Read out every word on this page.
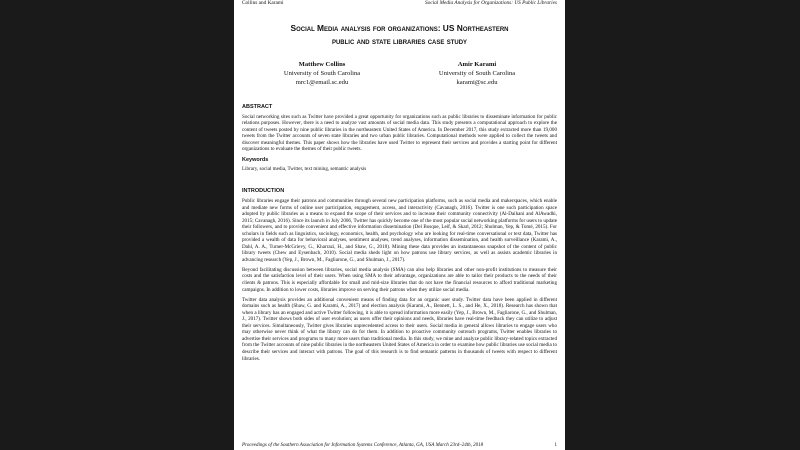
Collins and Karami	Social Media Analysis for Organizations: US Public Libraries
Social Media analysis for organizations: US Northeastern
public and state libraries case study
Matthew Collins
University of South Carolina
mrc1@email.sc.edu
Amir Karami
University of South Carolina
karami@sc.edu
ABSTRACT

Social networking sites such as Twitter have provided a great opportunity for organizations such as public libraries to disseminate information for public relations purposes. However, there is a need to analyze vast amounts of social media data. This study presents a computational approach to explore the content of tweets posted by nine public libraries in the northeastern United States of America. In December 2017, this study extracted more than 19,000 tweets from the Twitter accounts of seven state libraries and two urban public libraries. Computational methods were applied to collect the tweets and discover meaningful themes. This paper shows how the libraries have used Twitter to represent their services and provides a starting point for different organizations to evaluate the themes of their public tweets.

Keywords

Library, social media, Twitter, text mining, semantic analysis

INTRODUCTION

Public libraries engage their patrons and communities through several new participation platforms, such as social media and makerspaces, which enable and mediate new forms of online user participation, engagement, access, and interactivity (Cavanagh, 2016). Twitter is one such participation space adopted by public libraries as a means to expand the scope of their services and to increase their community connectivity (Al-Daihani and AlAwadhi, 2015; Cavanagh, 2016). Since its launch in July 2006, Twitter has quickly become one of the most popular social networking platforms for users to update their followers, and to provide convenient and effective information dissemination (Del Bosque, Leif, & Skarl, 2012; Shulman, Yep, & Tomé, 2015). For scholars in fields such as linguistics, sociology, economics, health, and psychology who are looking for real-time conversational or text data, Twitter has provided a wealth of data for behavioral analyses, sentiment analyses, trend analyses, information dissemination, and health surveillance (Karami, A., Dahl, A. A., Turner-McGrievy, G., Kharrazi, H., and Shaw, G., 2018). Mining these data provides an instantaneous snapshot of the content of public library tweets (Chew and Eysenbach, 2010). Social media sheds light on how patrons use library services, as well as assists academic libraries in advancing research (Yep, J., Brown, M., Fagliarone, G., and Shulman, J., 2017).

Beyond facilitating discussion between libraries, social media analysis (SMA) can also help libraries and other non-profit institutions to measure their costs and the satisfaction level of their users. When using SMA to their advantage, organizations are able to tailor their products to the needs of their clients & patrons. This is especially affordable for small and mid-size libraries that do not have the financial resources to afford traditional marketing campaigns. In addition to lower costs, libraries improve on serving their patrons when they utilize social media.

Twitter data analysis provides an additional convenient means of finding data for an organic user study. Twitter data have been applied in different domains such as health (Shaw, G. and Karami, A., 2017) and election analysis (Karami, A., Bennett, L. S., and He, X., 2018). Research has shown that when a library has an engaged and active Twitter following, it is able to spread information more easily (Yep, J., Brown, M., Fagliarone, G., and Shulman, J., 2017). Twitter shows both sides of user evolution; as users offer their opinions and needs, libraries have real-time feedback they can utilize to adjust their services. Simultaneously, Twitter gives libraries unprecedented access to their users. Social media in general allows libraries to engage users who may otherwise never think of what the library can do for them. In addition to proactive community outreach programs, Twitter enables libraries to advertise their services and programs to many more users than traditional media. In this study, we mine and analyze public library-related topics extracted from the Twitter accounts of nine public libraries in the northeastern United States of America in order to examine how public libraries use social media to describe their services and interact with patrons. The goal of this research is to find semantic patterns in thousands of tweets with respect to different libraries.

Proceedings of the Southern Association for Information Systems Conference, Atlanta, GA, USA March 23rd–24th, 2018	1
